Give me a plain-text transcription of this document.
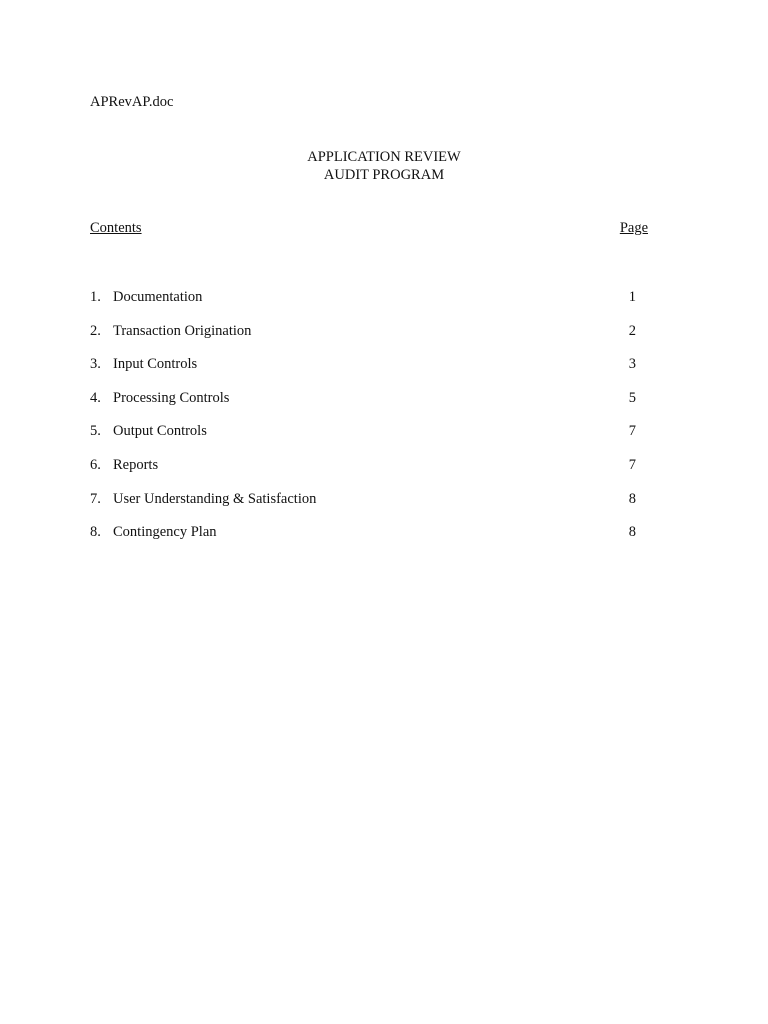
APRevAP.doc
APPLICATION REVIEW
AUDIT PROGRAM
Contents	Page
1. Documentation	1
2. Transaction Origination	2
3. Input Controls	3
4. Processing Controls	5
5. Output Controls	7
6. Reports	7
7. User Understanding & Satisfaction	8
8. Contingency Plan	8
